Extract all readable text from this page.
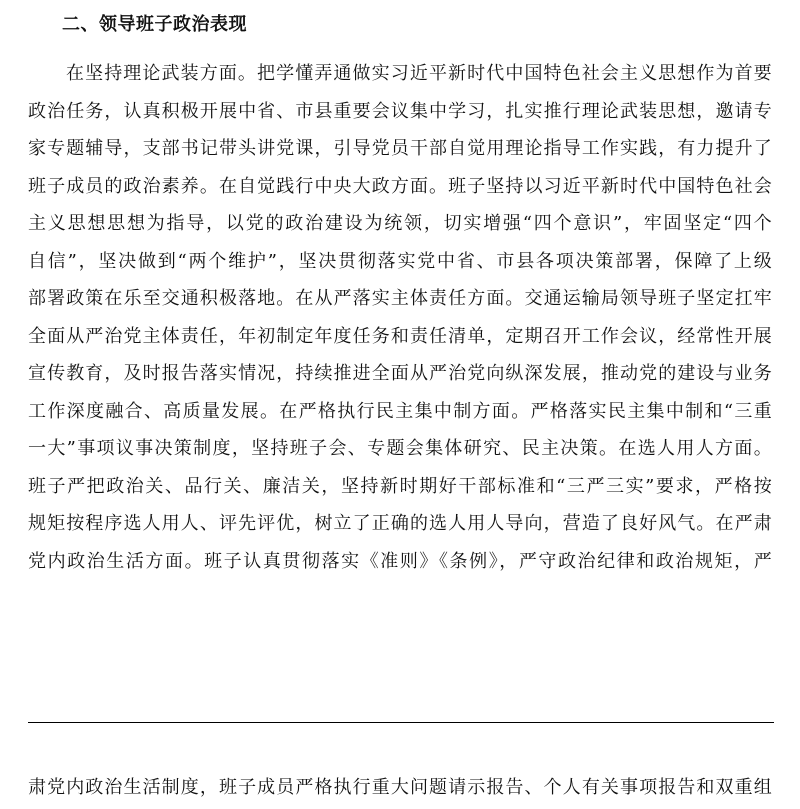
二、领导班子政治表现
在坚持理论武装方面。把学懂弄通做实习近平新时代中国特色社会主义思想作为首要
政治任务，认真积极开展中省、市县重要会议集中学习，扎实推行理论武装思想，邀请专
家专题辅导，支部书记带头讲党课，引导党员干部自觉用理论指导工作实践，有力提升了
班子成员的政治素养。在自觉践行中央大政方面。班子坚持以习近平新时代中国特色社会
主义思想思想为指导，以党的政治建设为统领，切实增强“四个意识”，牢固坚定“四个
自信”，坚决做到“两个维护”，坚决贯彻落实党中省、市县各项决策部署，保障了上级
部署政策在乐至交通积极落地。在从严落实主体责任方面。交通运输局领导班子坚定扛牢
全面从严治党主体责任，年初制定年度任务和责任清单，定期召开工作会议，经常性开展
宣传教育，及时报告落实情况，持续推进全面从严治党向纵深发展，推动党的建设与业务
工作深度融合、高质量发展。在严格执行民主集中制方面。严格落实民主集中制和“三重
一大”事项议事决策制度，坚持班子会、专题会集体研究、民主决策。在选人用人方面。
班子严把政治关、品行关、廉洁关，坚持新时期好干部标准和“三严三实”要求，严格按
规矩按程序选人用人、评先评优，树立了正确的选人用人导向，营造了良好风气。在严肃
党内政治生活方面。班子认真贯彻落实《准则》《条例》，严守政治纪律和政治规矩，严
肃党内政治生活制度，班子成员严格执行重大问题请示报告、个人有关事项报告和双重组
